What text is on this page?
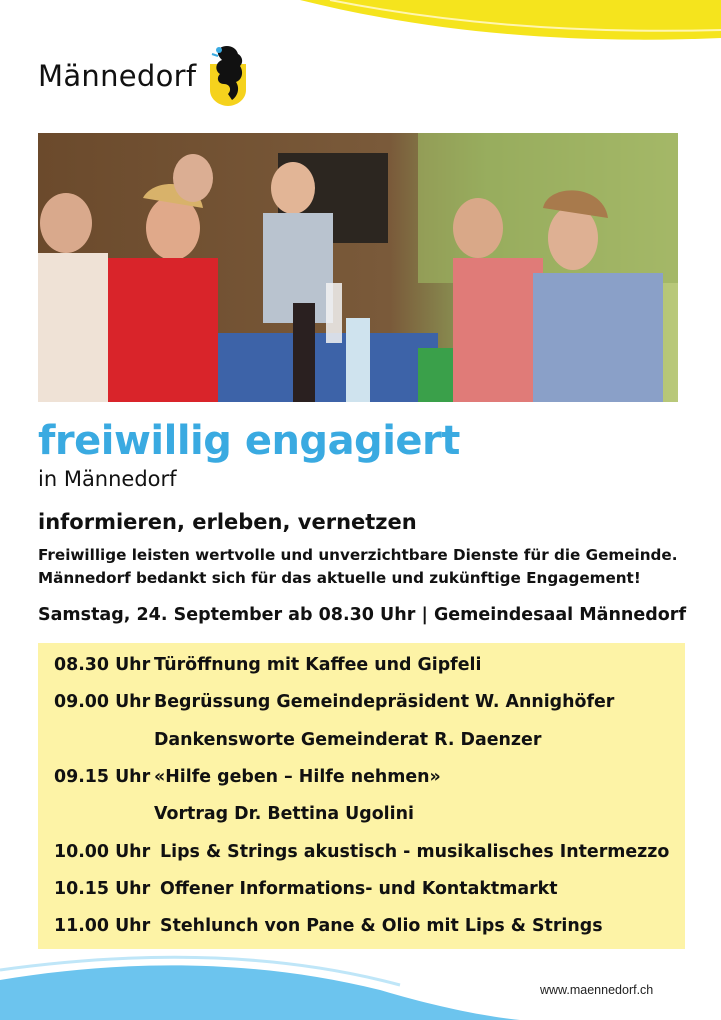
Männedorf
freiwillig engagiert
in Männedorf
informieren, erleben, vernetzen
Freiwillige leisten wertvolle und unverzichtbare Dienste für die Gemeinde.
Männedorf bedankt sich für das aktuelle und zukünftige Engagement!
Samstag, 24. September ab 08.30 Uhr | Gemeindesaal Männedorf
08.30 Uhr Türöffnung mit Kaffee und Gipfeli
09.00 Uhr Begrüssung Gemeindepräsident W. Annighöfer
Dankensworte Gemeinderat R. Daenzer
09.15 Uhr «Hilfe geben – Hilfe nehmen»
Vortrag Dr. Bettina Ugolini
10.00 Uhr Lips & Strings akustisch - musikalisches Intermezzo
10.15 Uhr Offener Informations- und Kontaktmarkt
11.00 Uhr Stehlunch von Pane & Olio mit Lips & Strings
www.maennedorf.ch
